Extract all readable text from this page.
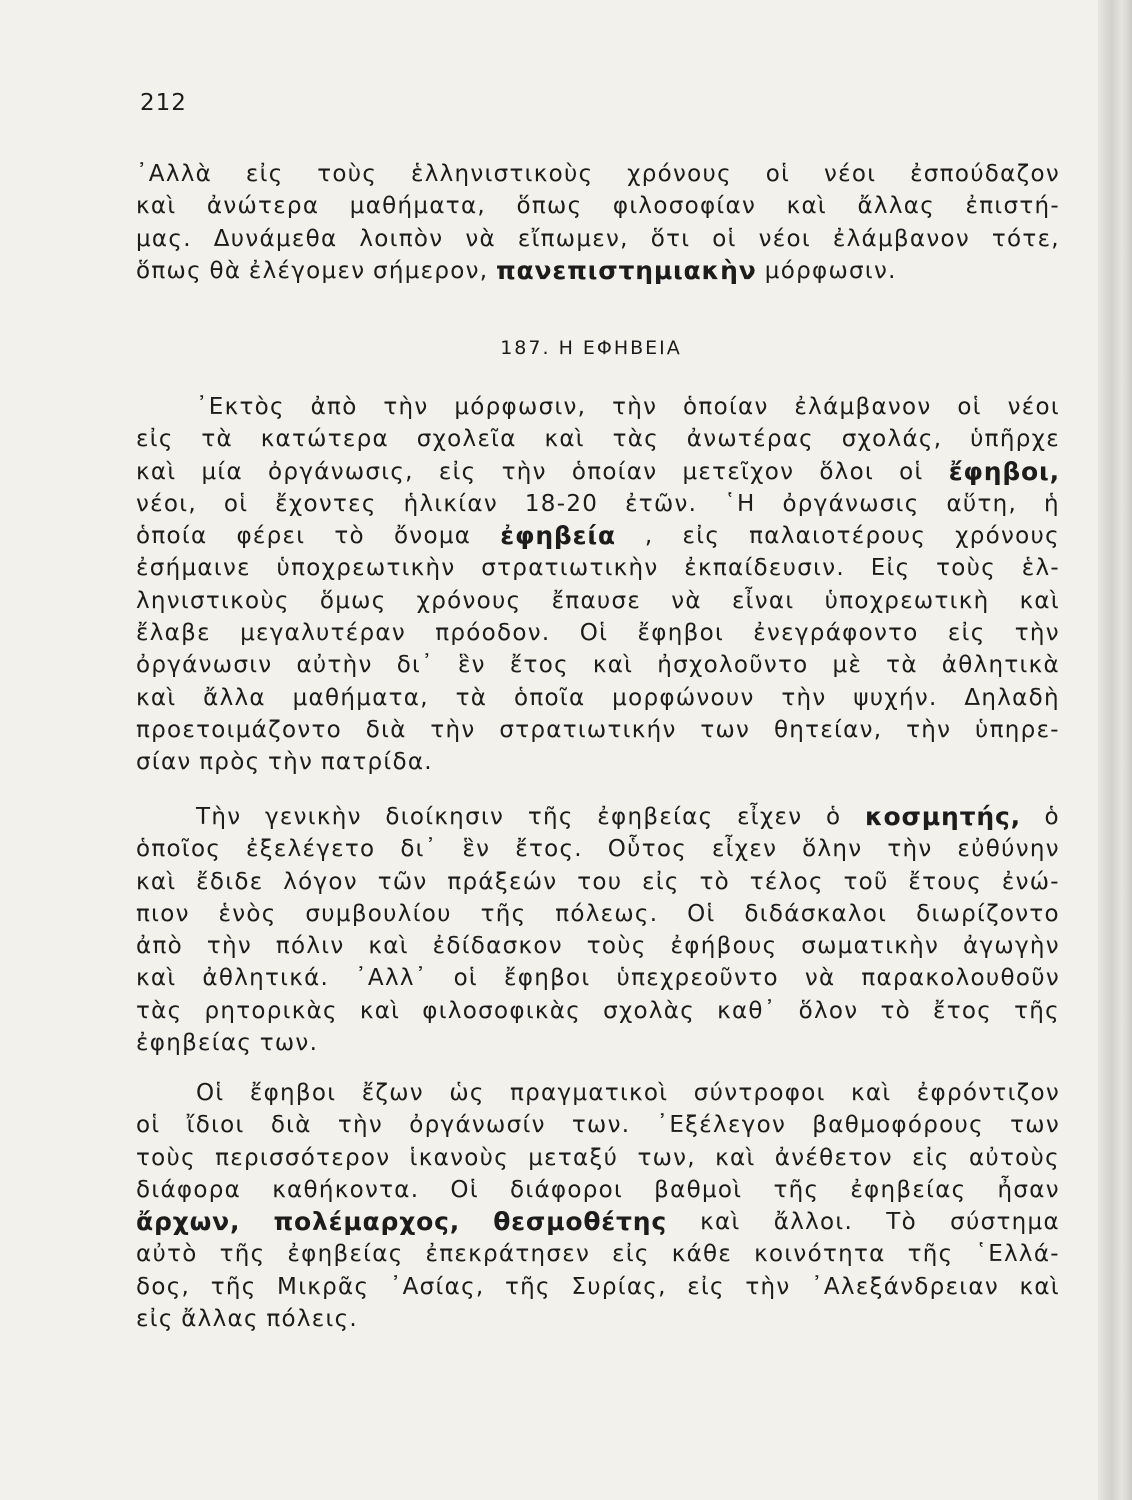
212
᾽Αλλὰ εἰς τοὺς ἑλληνιστικοὺς χρόνους οἱ νέοι ἐσπούδαζον
καὶ ἀνώτερα μαθήματα, ὅπως φιλοσοφίαν καὶ ἄλλας ἐπιστή-
μας. Δυνάμεθα λοιπὸν νὰ εἴπωμεν, ὅτι οἱ νέοι ἐλάμβανον τότε,
ὅπως θὰ ἐλέγομεν σήμερον, πανεπιστημιακὴν μόρφωσιν.
187. Η ΕΦΗΒΕΙΑ
᾽Εκτὸς ἀπὸ τὴν μόρφωσιν, τὴν ὁποίαν ἐλάμβανον οἱ νέοι
εἰς τὰ κατώτερα σχολεῖα καὶ τὰς ἀνωτέρας σχολάς, ὑπῆρχε
καὶ μία ὀργάνωσις, εἰς τὴν ὁποίαν μετεῖχον ὅλοι οἱ ἔφηβοι,
νέοι, οἱ ἔχοντες ἡλικίαν 18-20 ἐτῶν. ῾Η ὀργάνωσις αὕτη, ἡ
ὁποία φέρει τὸ ὄνομα ἐφηβεία , εἰς παλαιοτέρους χρόνους
ἐσήμαινε ὑποχρεωτικὴν στρατιωτικὴν ἐκπαίδευσιν. Εἰς τοὺς ἑλ-
ληνιστικοὺς ὅμως χρόνους ἔπαυσε νὰ εἶναι ὑποχρεωτικὴ καὶ
ἔλαβε μεγαλυτέραν πρόοδον. Οἱ ἔφηβοι ἐνεγράφοντο εἰς τὴν
ὀργάνωσιν αὐτὴν δι᾽ ἓν ἔτος καὶ ἠσχολοῦντο μὲ τὰ ἀθλητικὰ
καὶ ἄλλα μαθήματα, τὰ ὁποῖα μορφώνουν τὴν ψυχήν. Δηλαδὴ
προετοιμάζοντο διὰ τὴν στρατιωτικήν των θητείαν, τὴν ὑπηρε-
σίαν πρὸς τὴν πατρίδα.
Τὴν γενικὴν διοίκησιν τῆς ἐφηβείας εἶχεν ὁ κοσμητής, ὁ
ὁποῖος ἐξελέγετο δι᾽ ἓν ἔτος. Οὗτος εἶχεν ὅλην τὴν εὐθύνην
καὶ ἔδιδε λόγον τῶν πράξεών του εἰς τὸ τέλος τοῦ ἔτους ἐνώ-
πιον ἑνὸς συμβουλίου τῆς πόλεως. Οἱ διδάσκαλοι διωρίζοντο
ἀπὸ τὴν πόλιν καὶ ἐδίδασκον τοὺς ἐφήβους σωματικὴν ἀγωγὴν
καὶ ἀθλητικά. ᾽Αλλ᾽ οἱ ἔφηβοι ὑπεχρεοῦντο νὰ παρακολουθοῦν
τὰς ρητορικὰς καὶ φιλοσοφικὰς σχολὰς καθ᾽ ὅλον τὸ ἔτος τῆς
ἐφηβείας των.
Οἱ ἔφηβοι ἔζων ὡς πραγματικοὶ σύντροφοι καὶ ἐφρόντιζον
οἱ ἴδιοι διὰ τὴν ὀργάνωσίν των. ᾽Εξέλεγον βαθμοφόρους των
τοὺς περισσότερον ἱκανοὺς μεταξύ των, καὶ ἀνέθετον εἰς αὐτοὺς
διάφορα καθήκοντα. Οἱ διάφοροι βαθμοὶ τῆς ἐφηβείας ἦσαν
ἄρχων, πολέμαρχος, θεσμοθέτης καὶ ἄλλοι. Τὸ σύστημα
αὐτὸ τῆς ἐφηβείας ἐπεκράτησεν εἰς κάθε κοινότητα τῆς ῾Ελλά-
δος, τῆς Μικρᾶς ᾽Ασίας, τῆς Συρίας, εἰς τὴν ᾽Αλεξάνδρειαν καὶ
εἰς ἄλλας πόλεις.
